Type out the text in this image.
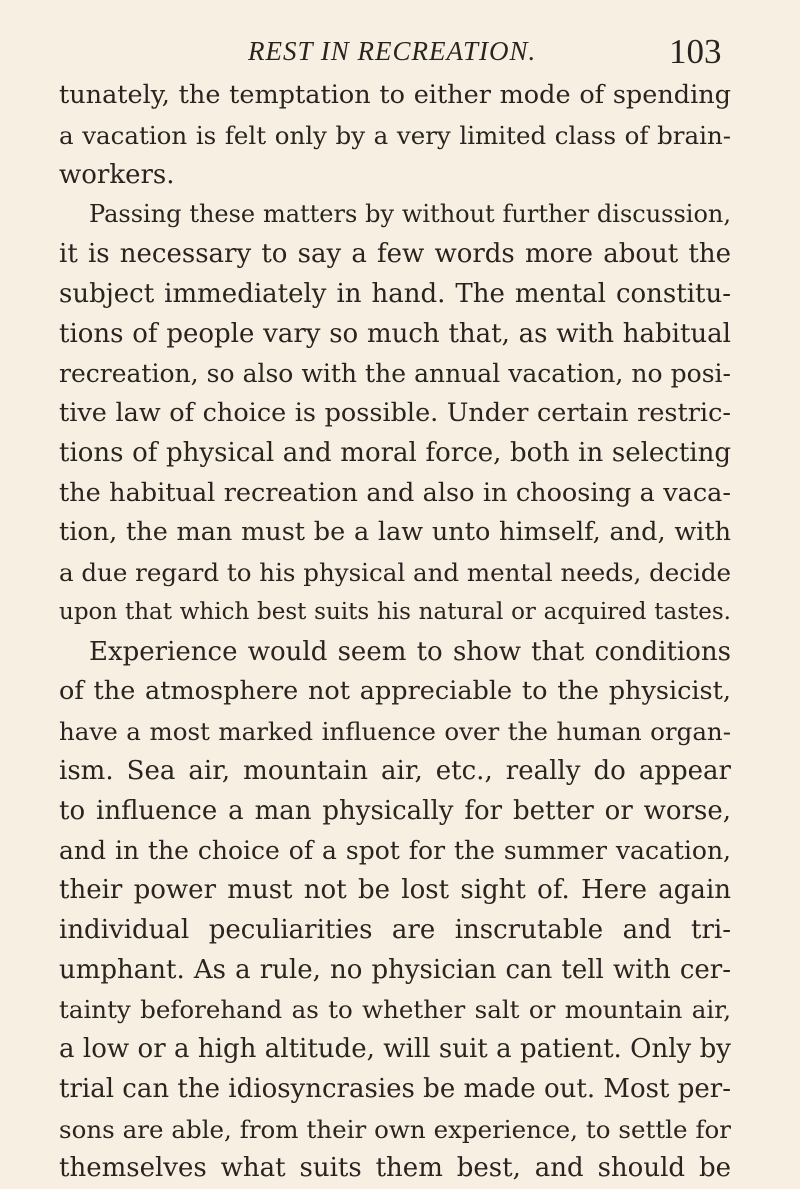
REST IN RECREATION.	103
tunately, the temptation to either mode of spending
a vacation is felt only by a very limited class of brain-
workers.
Passing these matters by without further discussion,
it is necessary to say a few words more about the
subject immediately in hand. The mental constitu-
tions of people vary so much that, as with habitual
recreation, so also with the annual vacation, no posi-
tive law of choice is possible. Under certain restric-
tions of physical and moral force, both in selecting
the habitual recreation and also in choosing a vaca-
tion, the man must be a law unto himself, and, with
a due regard to his physical and mental needs, decide
upon that which best suits his natural or acquired tastes.
Experience would seem to show that conditions
of the atmosphere not appreciable to the physicist,
have a most marked influence over the human organ-
ism. Sea air, mountain air, etc., really do appear
to influence a man physically for better or worse,
and in the choice of a spot for the summer vacation,
their power must not be lost sight of. Here again
individual peculiarities are inscrutable and tri-
umphant. As a rule, no physician can tell with cer-
tainty beforehand as to whether salt or mountain air,
a low or a high altitude, will suit a patient. Only by
trial can the idiosyncrasies be made out. Most per-
sons are able, from their own experience, to settle for
themselves what suits them best, and should be
